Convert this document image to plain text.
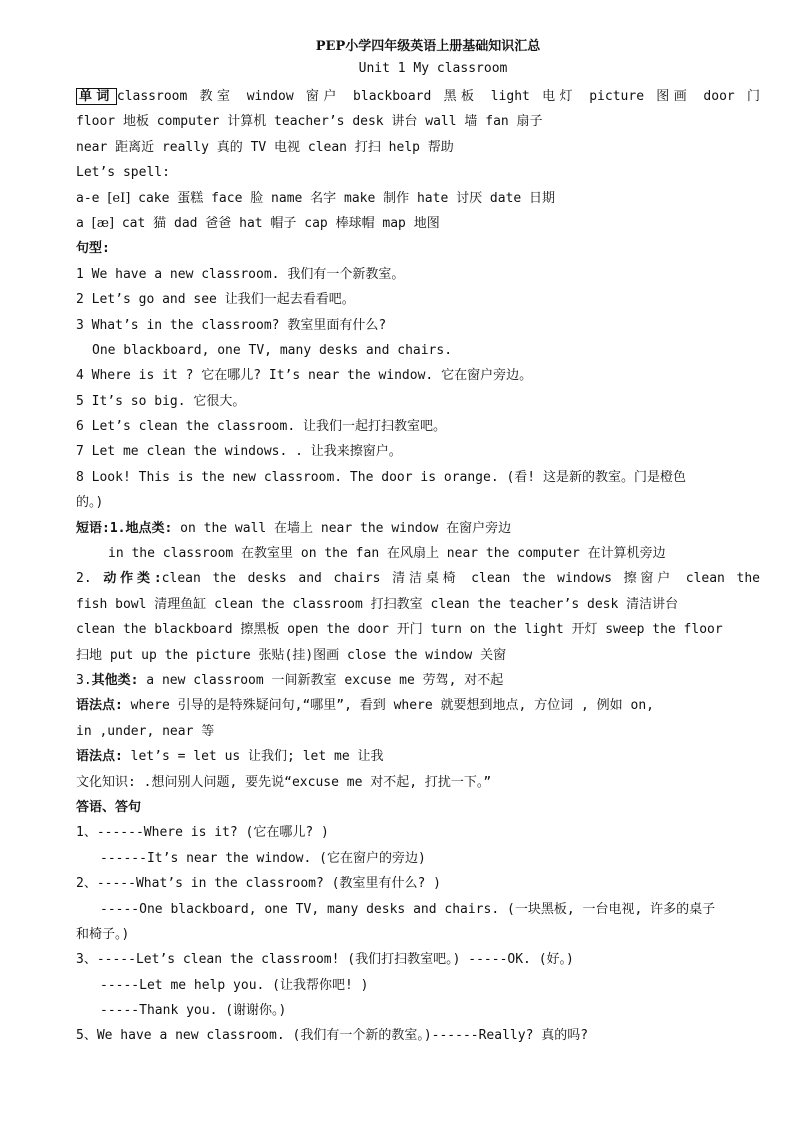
PEP小学四年级英语上册基础知识汇总
Unit 1 My classroom
单词 classroom 教室 window 窗户 blackboard 黑板 light 电灯 picture 图画 door 门
floor 地板 computer 计算机 teacher’s desk 讲台 wall 墙 fan 扇子
near 距离近 really 真的 TV 电视 clean 打扫 help 帮助
Let’s spell:
a-e [eI] cake 蛋糕 face 脸 name 名字 make 制作 hate 讨厌 date 日期
a [æ] cat 猫 dad 爸爸 hat 帽子 cap 棒球帽 map 地图
句型:
1 We have a new classroom. 我们有一个新教室。
2 Let’s go and see 让我们一起去看看吧。
3 What’s in the classroom? 教室里面有什么?
One blackboard, one TV, many desks and chairs.
4 Where is it ? 它在哪儿? It’s near the window. 它在窗户旁边。
5 It’s so big. 它很大。
6 Let’s clean the classroom. 让我们一起打扫教室吧。
7 Let me clean the windows. . 让我来擦窗户。
8 Look! This is the new classroom. The door is orange. (看! 这是新的教室。门是橙色
的。)
短语:1.地点类: on the wall 在墙上 near the window 在窗户旁边
in the classroom 在教室里 on the fan 在风扇上 near the computer 在计算机旁边
2. 动作类:clean the desks and chairs 清洁桌椅 clean the windows 擦窗户 clean the
fish bowl 清理鱼缸 clean the classroom 打扫教室 clean the teacher’s desk 清洁讲台
clean the blackboard 擦黑板 open the door 开门 turn on the light 开灯 sweep the floor
扫地 put up the picture 张贴(挂)图画 close the window 关窗
3.其他类: a new classroom 一间新教室 excuse me 劳驾, 对不起
语法点: where 引导的是特殊疑问句,“哪里”, 看到 where 就要想到地点, 方位词 , 例如 on,
in ,under, near 等
语法点: let’s = let us 让我们; let me 让我
文化知识: .想问别人问题, 要先说“excuse me 对不起, 打扰一下。”
答语、答句
1、------Where is it? (它在哪儿? )
------It’s near the window. (它在窗户的旁边)
2、-----What’s in the classroom? (教室里有什么? )
-----One blackboard, one TV, many desks and chairs. (一块黑板, 一台电视, 许多的桌子
和椅子。)
3、-----Let’s clean the classroom! (我们打扫教室吧。) -----OK. (好。)
-----Let me help you. (让我帮你吧! )
-----Thank you. (谢谢你。)
5、We have a new classroom. (我们有一个新的教室。)------Really? 真的吗?
